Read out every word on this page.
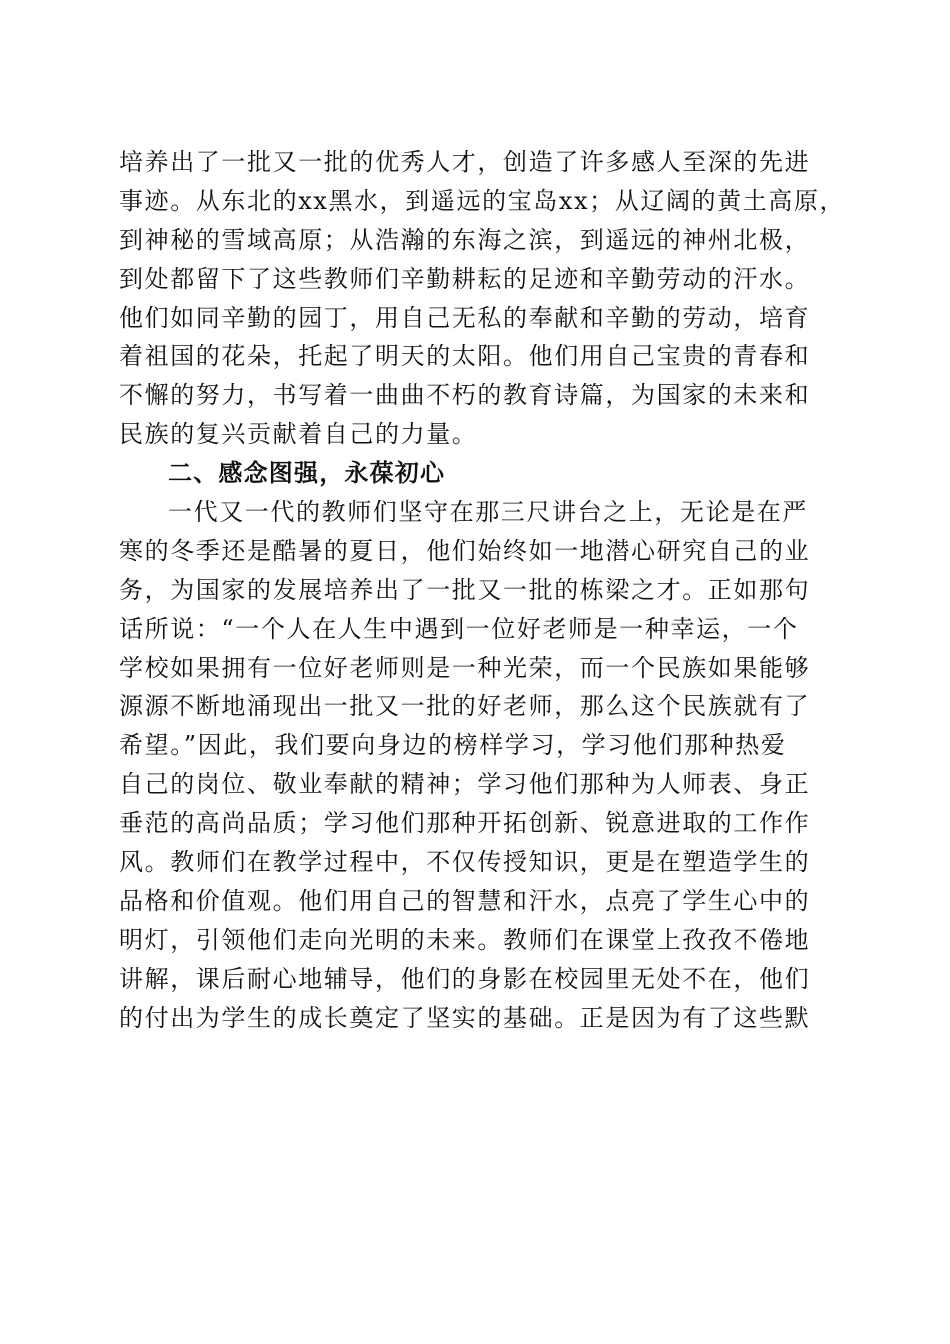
培养出了一批又一批的优秀人才，创造了许多感人至深的先进
事迹。从东北的xx黑水，到遥远的宝岛xx；从辽阔的黄土高原，
到神秘的雪域高原；从浩瀚的东海之滨，到遥远的神州北极，
到处都留下了这些教师们辛勤耕耘的足迹和辛勤劳动的汗水。
他们如同辛勤的园丁，用自己无私的奉献和辛勤的劳动，培育
着祖国的花朵，托起了明天的太阳。他们用自己宝贵的青春和
不懈的努力，书写着一曲曲不朽的教育诗篇，为国家的未来和
民族的复兴贡献着自己的力量。
二、感念图强，永葆初心
一代又一代的教师们坚守在那三尺讲台之上，无论是在严
寒的冬季还是酷暑的夏日，他们始终如一地潜心研究自己的业
务，为国家的发展培养出了一批又一批的栋梁之才。正如那句
话所说：“一个人在人生中遇到一位好老师是一种幸运，一个
学校如果拥有一位好老师则是一种光荣，而一个民族如果能够
源源不断地涌现出一批又一批的好老师，那么这个民族就有了
希望。”因此，我们要向身边的榜样学习，学习他们那种热爱
自己的岗位、敬业奉献的精神；学习他们那种为人师表、身正
垂范的高尚品质；学习他们那种开拓创新、锐意进取的工作作
风。教师们在教学过程中，不仅传授知识，更是在塑造学生的
品格和价值观。他们用自己的智慧和汗水，点亮了学生心中的
明灯，引领他们走向光明的未来。教师们在课堂上孜孜不倦地
讲解，课后耐心地辅导，他们的身影在校园里无处不在，他们
的付出为学生的成长奠定了坚实的基础。正是因为有了这些默
